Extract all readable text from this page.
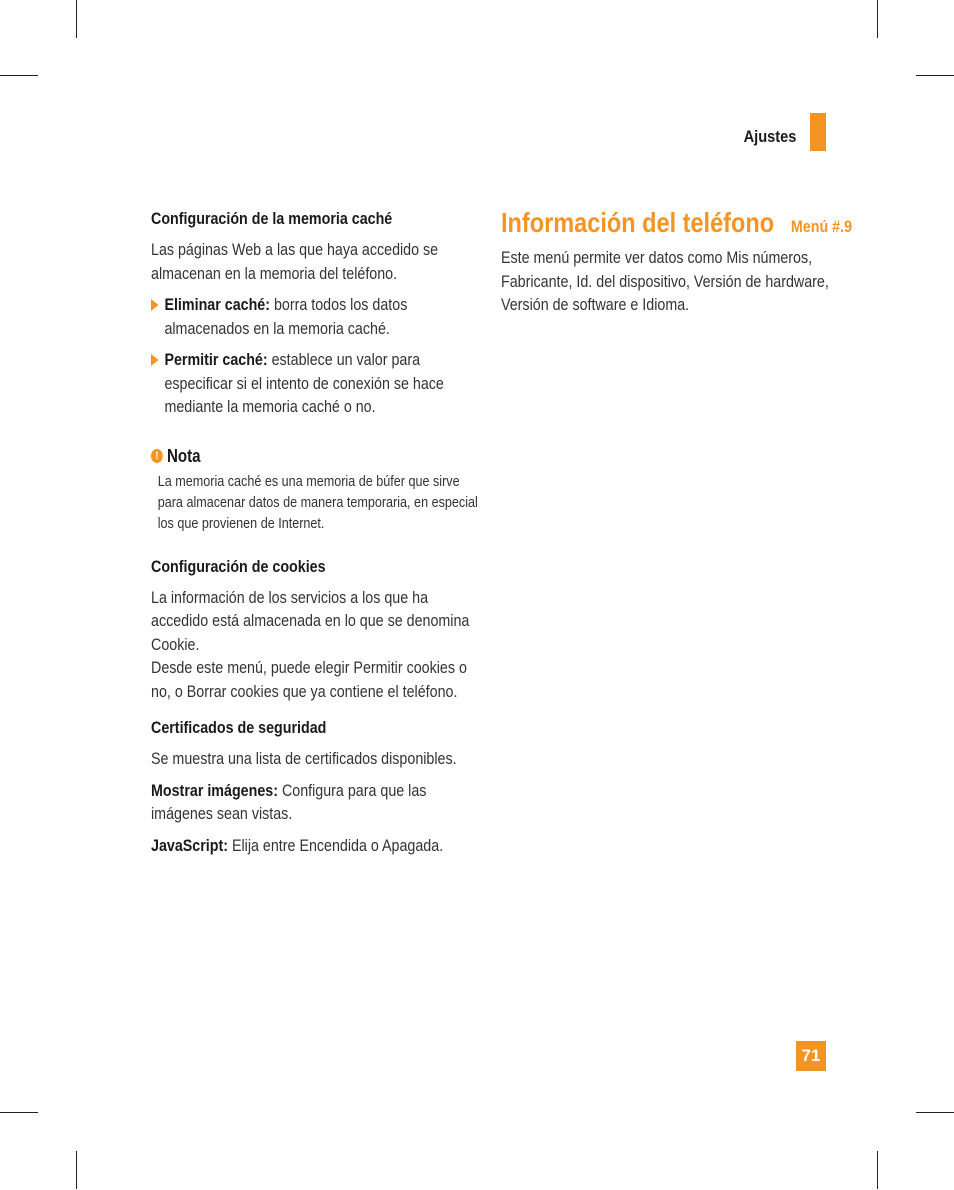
Ajustes
Configuración de la memoria caché
Las páginas Web a las que haya accedido se almacenan en la memoria del teléfono.
Eliminar caché: borra todos los datos almacenados en la memoria caché.
Permitir caché: establece un valor para especificar si el intento de conexión se hace mediante la memoria caché o no.
! Nota
La memoria caché es una memoria de búfer que sirve para almacenar datos de manera temporaria, en especial los que provienen de Internet.
Configuración de cookies
La información de los servicios a los que ha accedido está almacenada en lo que se denomina Cookie.
Desde este menú, puede elegir Permitir cookies o no, o Borrar cookies que ya contiene el teléfono.
Certificados de seguridad
Se muestra una lista de certificados disponibles.
Mostrar imágenes: Configura para que las imágenes sean vistas.
JavaScript: Elija entre Encendida o Apagada.
Información del teléfono Menú #.9
Este menú permite ver datos como Mis números, Fabricante, Id. del dispositivo, Versión de hardware, Versión de software e Idioma.
71
